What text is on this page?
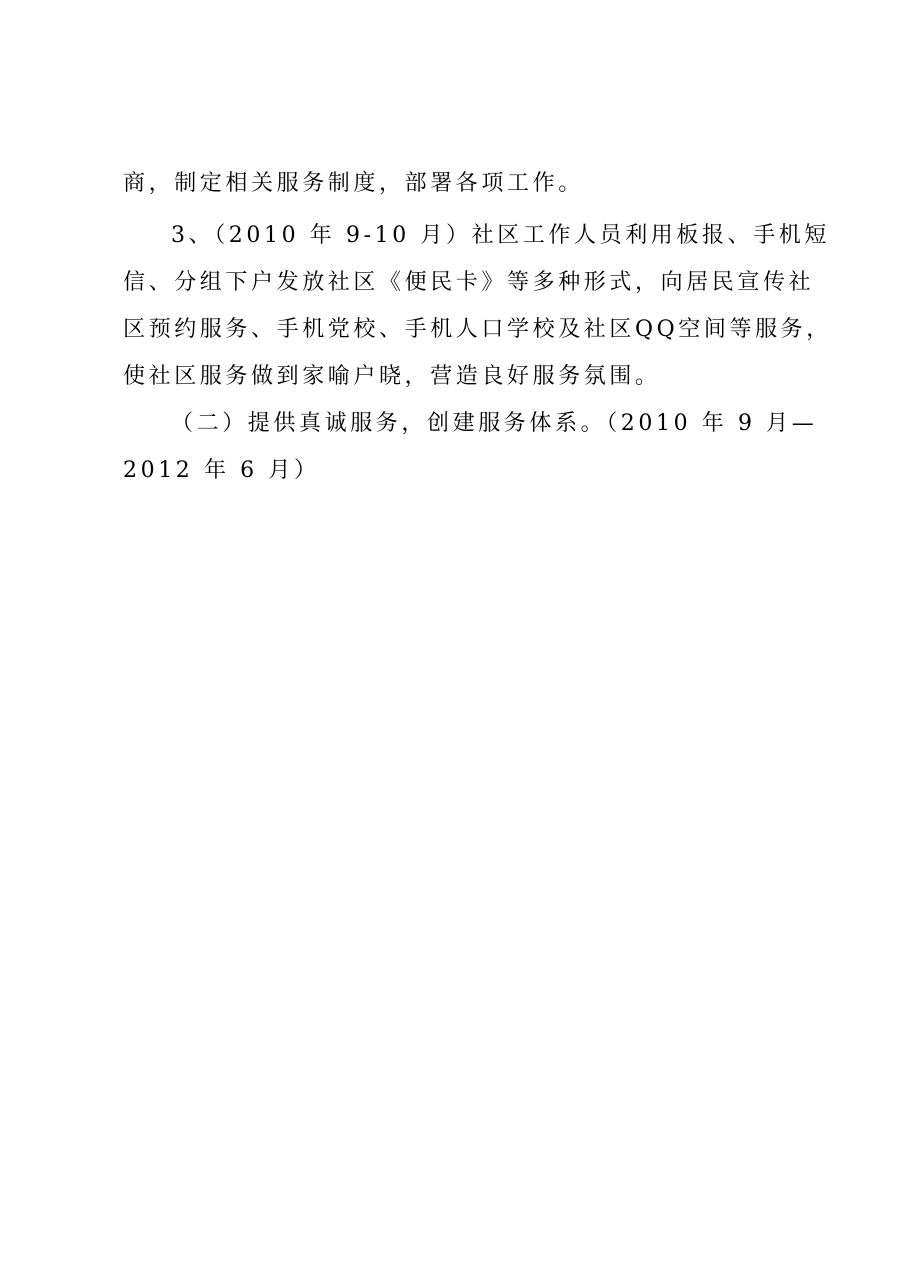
商，制定相关服务制度，部署各项工作。
3、（2010 年 9-10 月）社区工作人员利用板报、手机短
信、分组下户发放社区《便民卡》等多种形式，向居民宣传社
区预约服务、手机党校、手机人口学校及社区QQ空间等服务，
使社区服务做到家喻户晓，营造良好服务氛围。
（二）提供真诚服务，创建服务体系。（2010 年 9 月—
2012 年 6 月）
